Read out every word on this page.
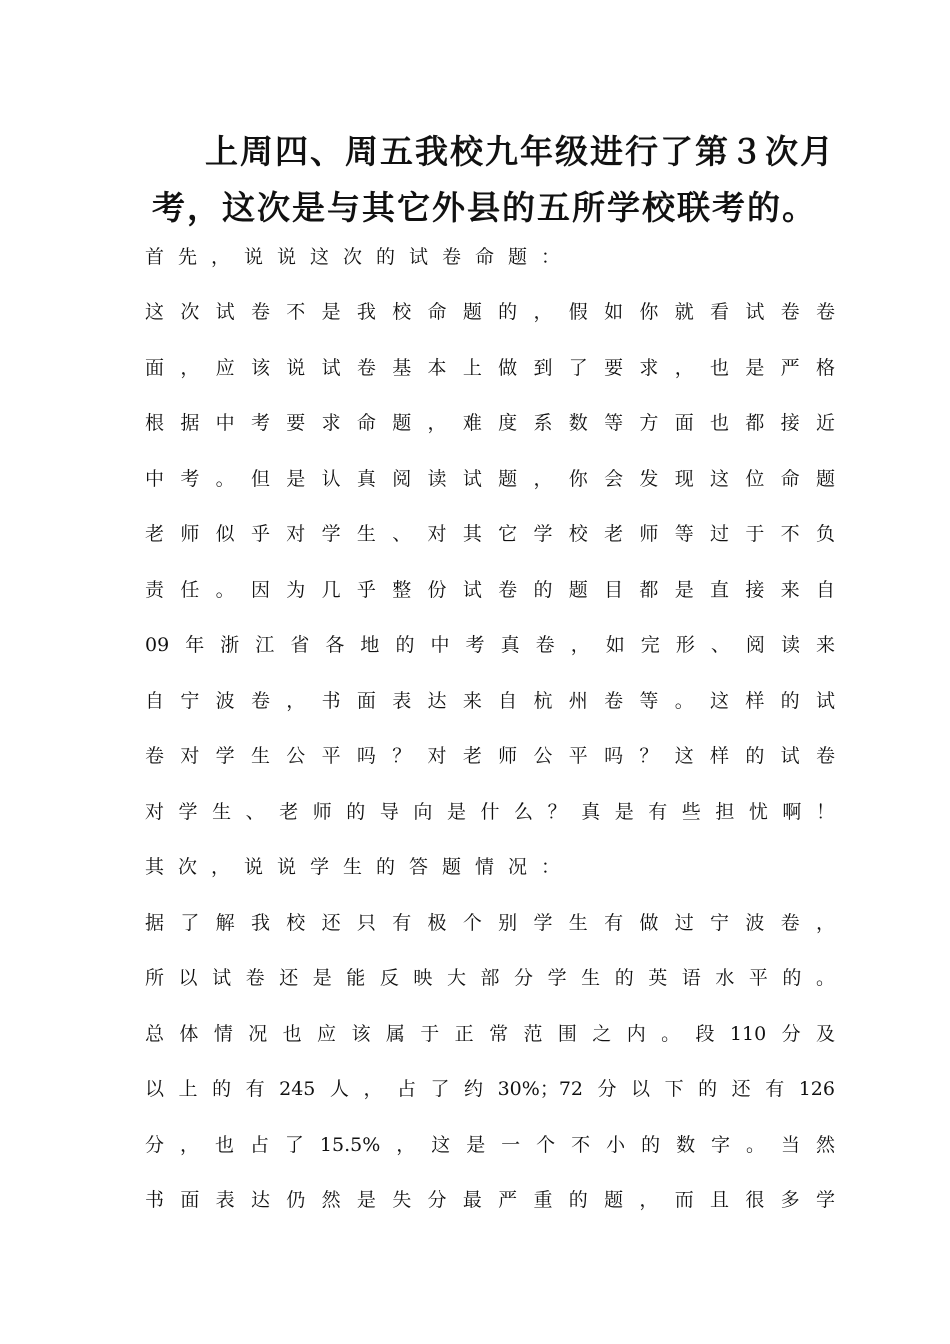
上周四、周五我校九年级进行了第３次月
考，这次是与其它外县的五所学校联考的。
首先，说说这次的试卷命题：
这次试卷不是我校命题的，假如你就看试卷卷
面，应该说试卷基本上做到了要求，也是严格
根据中考要求命题，难度系数等方面也都接近
中考。但是认真阅读试题，你会发现这位命题
老师似乎对学生、对其它学校老师等过于不负
责任。因为几乎整份试卷的题目都是直接来自
09年浙江省各地的中考真卷，如完形、阅读来
自宁波卷，书面表达来自杭州卷等。这样的试
卷对学生公平吗？对老师公平吗？这样的试卷
对学生、老师的导向是什么？真是有些担忧啊！
其次，说说学生的答题情况：
据了解我校还只有极个别学生有做过宁波卷，
所以试卷还是能反映大部分学生的英语水平的。
总体情况也应该属于正常范围之内。段110分及
以上的有245人，占了约30%；72分以下的还有126
分，也占了15.5%，这是一个不小的数字。当然
书面表达仍然是失分最严重的题，而且很多学
